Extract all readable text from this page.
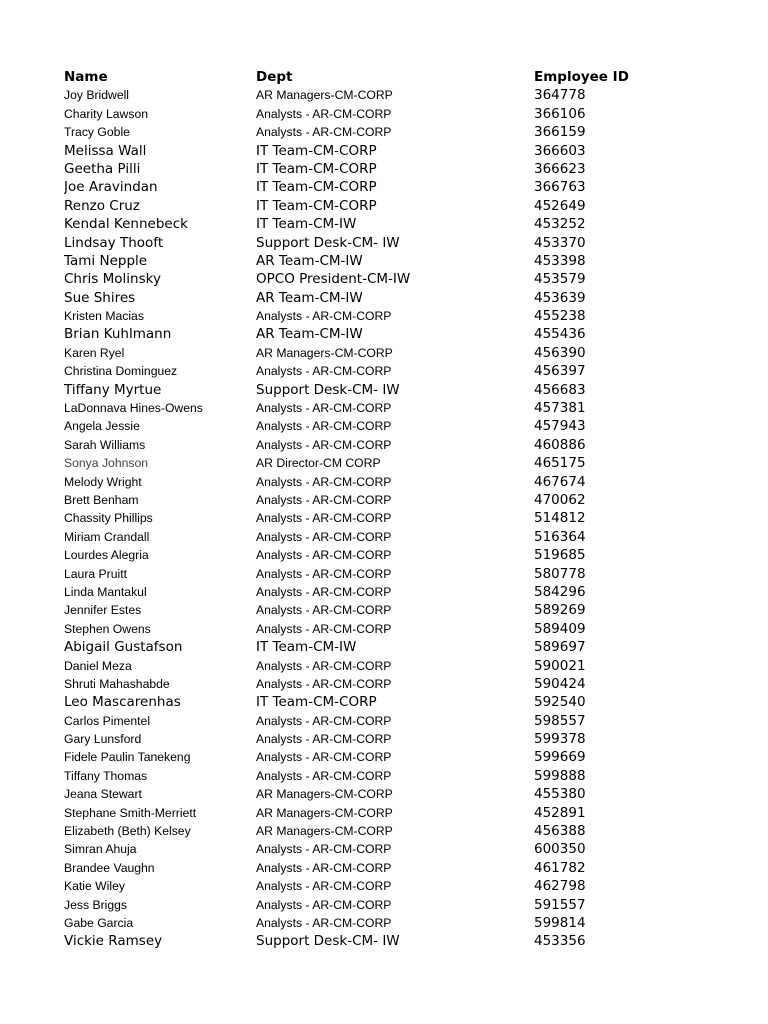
Name	Dept	Employee ID
Joy Bridwell	AR Managers-CM-CORP	364778
Charity Lawson	Analysts - AR-CM-CORP	366106
Tracy Goble	Analysts - AR-CM-CORP	366159
Melissa Wall	IT Team-CM-CORP	366603
Geetha Pilli	IT Team-CM-CORP	366623
Joe Aravindan	IT Team-CM-CORP	366763
Renzo Cruz	IT Team-CM-CORP	452649
Kendal Kennebeck	IT Team-CM-IW	453252
Lindsay Thooft	Support Desk-CM- IW	453370
Tami Nepple	AR Team-CM-IW	453398
Chris Molinsky	OPCO President-CM-IW	453579
Sue Shires	AR Team-CM-IW	453639
Kristen Macias	Analysts - AR-CM-CORP	455238
Brian Kuhlmann	AR Team-CM-IW	455436
Karen Ryel	AR Managers-CM-CORP	456390
Christina Dominguez	Analysts - AR-CM-CORP	456397
Tiffany Myrtue	Support Desk-CM- IW	456683
LaDonnava Hines-Owens	Analysts - AR-CM-CORP	457381
Angela Jessie	Analysts - AR-CM-CORP	457943
Sarah Williams	Analysts - AR-CM-CORP	460886
Sonya Johnson	AR Director-CM CORP	465175
Melody Wright	Analysts - AR-CM-CORP	467674
Brett Benham	Analysts - AR-CM-CORP	470062
Chassity Phillips	Analysts - AR-CM-CORP	514812
Miriam Crandall	Analysts - AR-CM-CORP	516364
Lourdes Alegria	Analysts - AR-CM-CORP	519685
Laura Pruitt	Analysts - AR-CM-CORP	580778
Linda Mantakul	Analysts - AR-CM-CORP	584296
Jennifer Estes	Analysts - AR-CM-CORP	589269
Stephen Owens	Analysts - AR-CM-CORP	589409
Abigail Gustafson	IT Team-CM-IW	589697
Daniel Meza	Analysts - AR-CM-CORP	590021
Shruti Mahashabde	Analysts - AR-CM-CORP	590424
Leo Mascarenhas	IT Team-CM-CORP	592540
Carlos Pimentel	Analysts - AR-CM-CORP	598557
Gary Lunsford	Analysts - AR-CM-CORP	599378
Fidele Paulin Tanekeng	Analysts - AR-CM-CORP	599669
Tiffany Thomas	Analysts - AR-CM-CORP	599888
Jeana Stewart	AR Managers-CM-CORP	455380
Stephane Smith-Merriett	AR Managers-CM-CORP	452891
Elizabeth (Beth) Kelsey	AR Managers-CM-CORP	456388
Simran Ahuja	Analysts - AR-CM-CORP	600350
Brandee Vaughn	Analysts - AR-CM-CORP	461782
Katie Wiley	Analysts - AR-CM-CORP	462798
Jess Briggs	Analysts - AR-CM-CORP	591557
Gabe Garcia	Analysts - AR-CM-CORP	599814
Vickie Ramsey	Support Desk-CM- IW	453356
